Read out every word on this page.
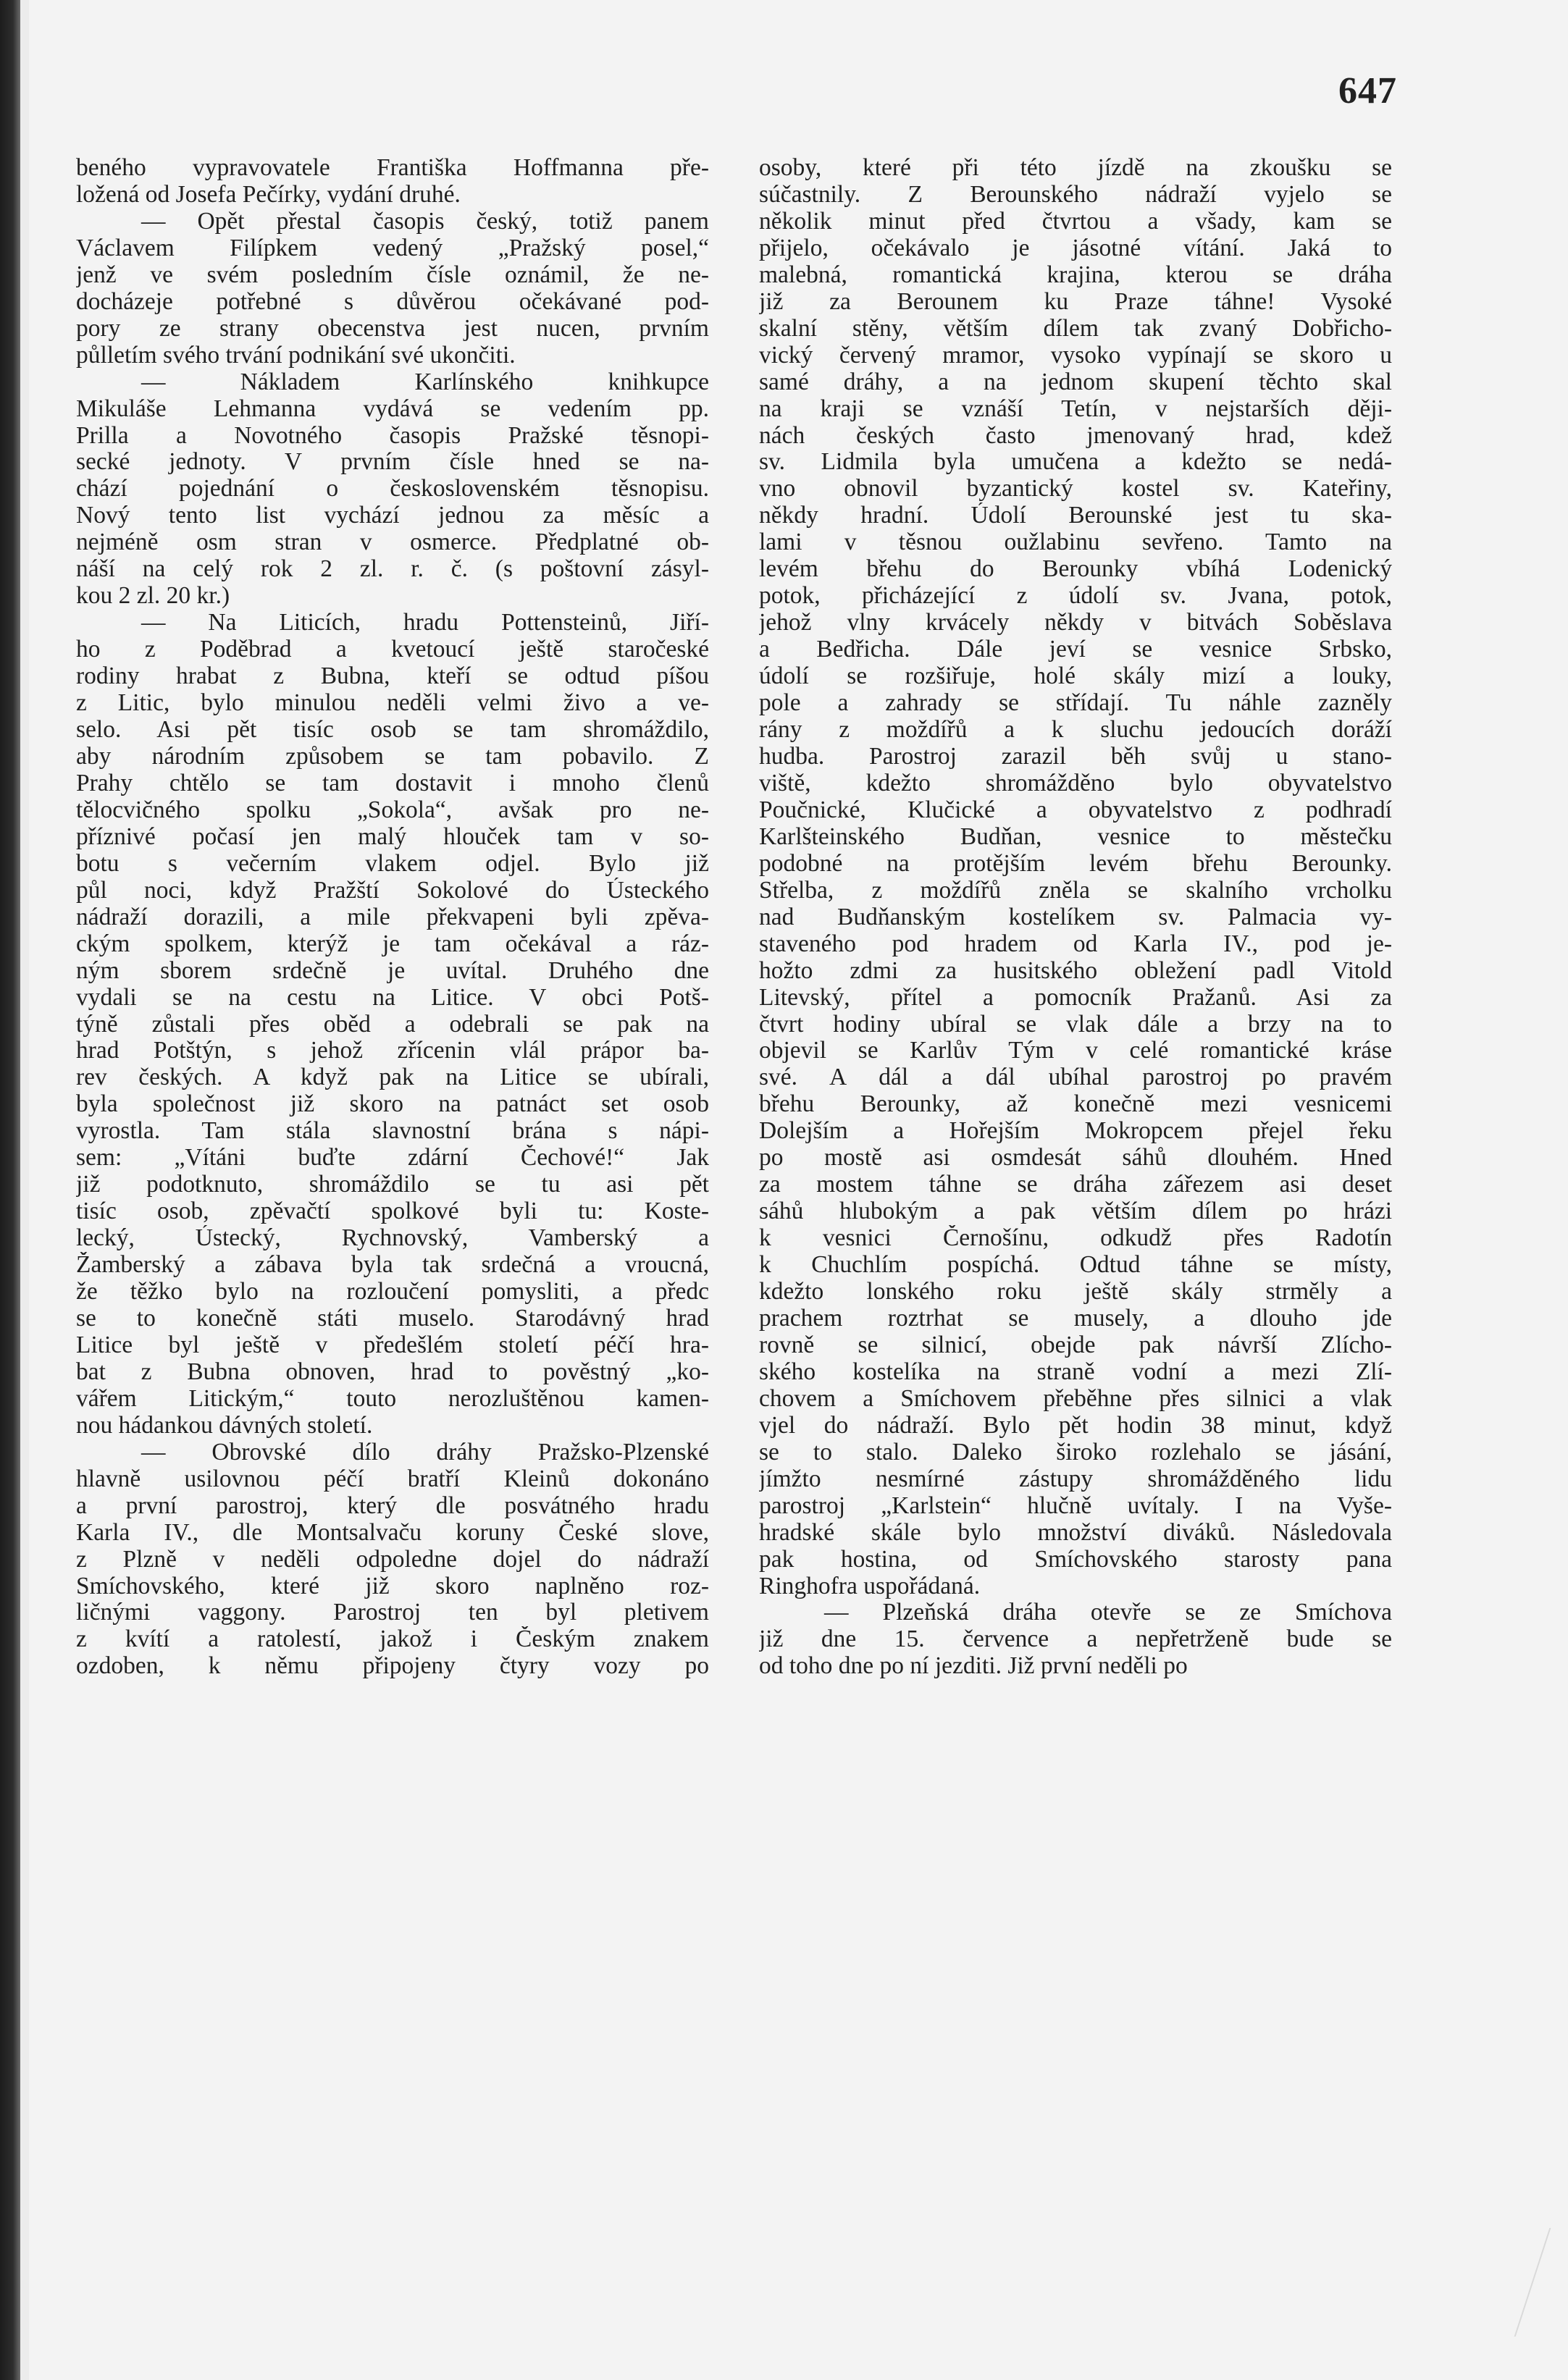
647
beného vypravovatele Františka Hoffmanna pře-
ložená od Josefa Pečírky, vydání druhé.
— Opět přestal časopis český, totiž panem
Václavem Filípkem vedený „Pražský posel,“
jenž ve svém posledním čísle oznámil, že ne-
docházeje potřebné s důvěrou očekávané pod-
pory ze strany obecenstva jest nucen, prvním
půlletím svého trvání podnikání své ukončiti.
— Nákladem Karlínského knihkupce
Mikuláše Lehmanna vydává se vedením pp.
Prilla a Novotného časopis Pražské těsnopi-
secké jednoty. V prvním čísle hned se na-
chází pojednání o československém těsnopisu.
Nový tento list vychází jednou za měsíc a
nejméně osm stran v osmerce. Předplatné ob-
náší na celý rok 2 zl. r. č. (s poštovní zásyl-
kou 2 zl. 20 kr.)
— Na Liticích, hradu Pottensteinů, Jiří-
ho z Poděbrad a kvetoucí ještě staročeské
rodiny hrabat z Bubna, kteří se odtud píšou
z Litic, bylo minulou neděli velmi živo a ve-
selo. Asi pět tisíc osob se tam shromáždilo,
aby národním způsobem se tam pobavilo. Z
Prahy chtělo se tam dostavit i mnoho členů
tělocvičného spolku „Sokola“, avšak pro ne-
příznivé počasí jen malý hlouček tam v so-
botu s večerním vlakem odjel. Bylo již
půl noci, když Pražští Sokolové do Ústeckého
nádraží dorazili, a mile překvapeni byli zpěva-
ckým spolkem, kterýž je tam očekával a ráz-
ným sborem srdečně je uvítal. Druhého dne
vydali se na cestu na Litice. V obci Potš-
týně zůstali přes oběd a odebrali se pak na
hrad Potštýn, s jehož zřícenin vlál prápor ba-
rev českých. A když pak na Litice se ubírali,
byla společnost již skoro na patnáct set osob
vyrostla. Tam stála slavnostní brána s nápi-
sem: „Vítáni buďte zdární Čechové!“ Jak
již podotknuto, shromáždilo se tu asi pět
tisíc osob, zpěvačtí spolkové byli tu: Koste-
lecký, Ústecký, Rychnovský, Vamberský a
Žamberský a zábava byla tak srdečná a vroucná,
že těžko bylo na rozloučení pomysliti, a předc
se to konečně státi muselo. Starodávný hrad
Litice byl ještě v předešlém století péčí hra-
bat z Bubna obnoven, hrad to pověstný „ko-
vářem Litickým,“ touto nerozluštěnou kamen-
nou hádankou dávných století.
— Obrovské dílo dráhy Pražsko-Plzenské
hlavně usilovnou péčí bratří Kleinů dokonáno
a první parostroj, který dle posvátného hradu
Karla IV., dle Montsalvaču koruny České slove,
z Plzně v neděli odpoledne dojel do nádraží
Smíchovského, které již skoro naplněno roz-
ličnými vaggony. Parostroj ten byl pletivem
z kvítí a ratolestí, jakož i Českým znakem
ozdoben, k němu připojeny čtyry vozy po
osoby, které při této jízdě na zkoušku se
súčastnily. Z Berounského nádraží vyjelo se
několik minut před čtvrtou a všady, kam se
přijelo, očekávalo je jásotné vítání. Jaká to
malebná, romantická krajina, kterou se dráha
již za Berounem ku Praze táhne! Vysoké
skalní stěny, větším dílem tak zvaný Dobřicho-
vický červený mramor, vysoko vypínají se skoro u
samé dráhy, a na jednom skupení těchto skal
na kraji se vznáší Tetín, v nejstarších ději-
nách českých často jmenovaný hrad, kdež
sv. Lidmila byla umučena a kdežto se nedá-
vno obnovil byzantický kostel sv. Kateřiny,
někdy hradní. Údolí Berounské jest tu ska-
lami v těsnou oužlabinu sevřeno. Tamto na
levém břehu do Berounky vbíhá Lodenický
potok, přicházející z údolí sv. Jvana, potok,
jehož vlny krvácely někdy v bitvách Soběslava
a Bedřicha. Dále jeví se vesnice Srbsko,
údolí se rozšiřuje, holé skály mizí a louky,
pole a zahrady se střídají. Tu náhle zazněly
rány z moždířů a k sluchu jedoucích doráží
hudba. Parostroj zarazil běh svůj u stano-
viště, kdežto shromážděno bylo obyvatelstvo
Poučnické, Klučické a obyvatelstvo z podhradí
Karlšteinského Budňan, vesnice to městečku
podobné na protějším levém břehu Berounky.
Střelba, z moždířů zněla se skalního vrcholku
nad Budňanským kostelíkem sv. Palmacia vy-
staveného pod hradem od Karla IV., pod je-
hožto zdmi za husitského obležení padl Vitold
Litevský, přítel a pomocník Pražanů. Asi za
čtvrt hodiny ubíral se vlak dále a brzy na to
objevil se Karlův Tým v celé romantické kráse
své. A dál a dál ubíhal parostroj po pravém
břehu Berounky, až konečně mezi vesnicemi
Dolejším a Hořejším Mokropcem přejel řeku
po mostě asi osmdesát sáhů dlouhém. Hned
za mostem táhne se dráha zářezem asi deset
sáhů hlubokým a pak větším dílem po hrázi
k vesnici Černošínu, odkudž přes Radotín
k Chuchlím pospíchá. Odtud táhne se místy,
kdežto lonského roku ještě skály strměly a
prachem roztrhat se musely, a dlouho jde
rovně se silnicí, obejde pak návrší Zlícho-
ského kostelíka na straně vodní a mezi Zlí-
chovem a Smíchovem přeběhne přes silnici a vlak
vjel do nádraží. Bylo pět hodin 38 minut, když
se to stalo. Daleko široko rozlehalo se jásání,
jímžto nesmírné zástupy shromážděného lidu
parostroj „Karlstein“ hlučně uvítaly. I na Vyše-
hradské skále bylo množství diváků. Následovala
pak hostina, od Smíchovského starosty pana
Ringhofra uspořádaná.
— Plzeňská dráha otevře se ze Smíchova
již dne 15. července a nepřetrženě bude se
od toho dne po ní jezditi. Již první neděli po
